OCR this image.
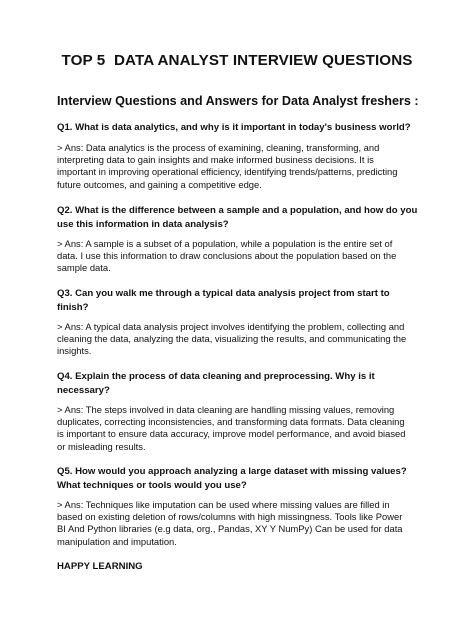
TOP 5  DATA ANALYST INTERVIEW QUESTIONS
Interview Questions and Answers for Data Analyst freshers :
Q1. What is data analytics, and why is it important in today's business world?
> Ans: Data analytics is the process of examining, cleaning, transforming, and
interpreting data to gain insights and make informed business decisions. It is
important in improving operational efficiency, identifying trends/patterns, predicting
future outcomes, and gaining a competitive edge.
Q2. What is the difference between a sample and a population, and how do you
use this information in data analysis?
> Ans: A sample is a subset of a population, while a population is the entire set of
data. I use this information to draw conclusions about the population based on the
sample data.
Q3. Can you walk me through a typical data analysis project from start to
finish?
> Ans: A typical data analysis project involves identifying the problem, collecting and
cleaning the data, analyzing the data, visualizing the results, and communicating the
insights.
Q4. Explain the process of data cleaning and preprocessing. Why is it
necessary?
> Ans: The steps involved in data cleaning are handling missing values, removing
duplicates, correcting inconsistencies, and transforming data formats. Data cleaning
is important to ensure data accuracy, improve model performance, and avoid biased
or misleading results.
Q5. How would you approach analyzing a large dataset with missing values?
What techniques or tools would you use?
> Ans: Techniques like imputation can be used where missing values are filled in
based on existing deletion of rows/columns with high missingness. Tools like Power
BI And Python libraries (e.g data, org., Pandas, XY Y NumPy) Can be used for data
manipulation and imputation.

HAPPY LEARNING
